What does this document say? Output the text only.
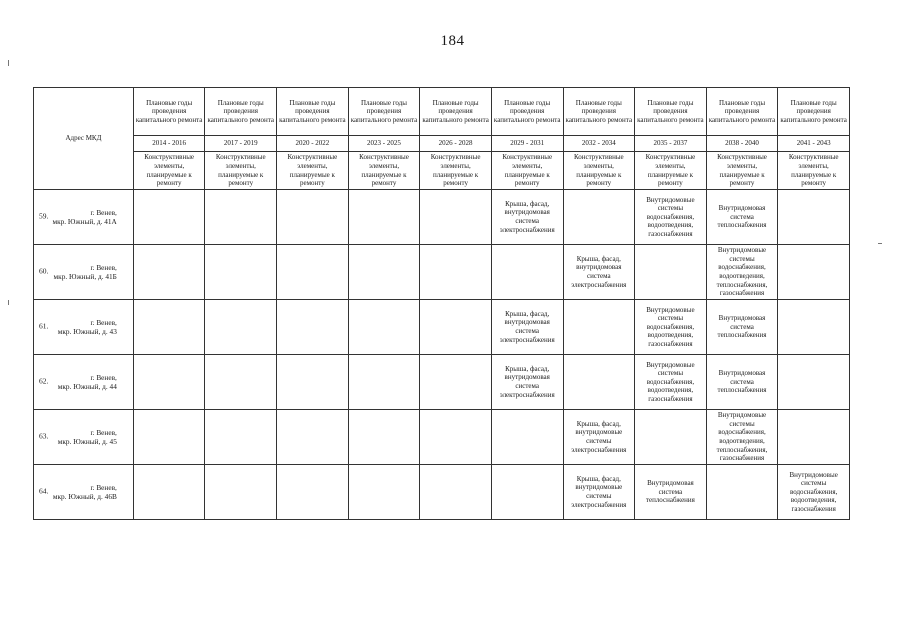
184
Адрес МКД	Плановые годы проведения капитального ремонта	Плановые годы проведения капитального ремонта	Плановые годы проведения капитального ремонта	Плановые годы проведения капитального ремонта	Плановые годы проведения капитального ремонта	Плановые годы проведения капитального ремонта	Плановые годы проведения капитального ремонта	Плановые годы проведения капитального ремонта	Плановые годы проведения капитального ремонта	Плановые годы проведения капитального ремонта
	2014 - 2016	2017 - 2019	2020 - 2022	2023 - 2025	2026 - 2028	2029 - 2031	2032 - 2034	2035 - 2037	2038 - 2040	2041 - 2043
	Конструктивные элементы, планируемые к ремонту	Конструктивные элементы, планируемые к ремонту	Конструктивные элементы, планируемые к ремонту	Конструктивные элементы, планируемые к ремонту	Конструктивные элементы, планируемые к ремонту	Конструктивные элементы, планируемые к ремонту	Конструктивные элементы, планируемые к ремонту	Конструктивные элементы, планируемые к ремонту	Конструктивные элементы, планируемые к ремонту	Конструктивные элементы, планируемые к ремонту

59. г. Венев,
мкр. Южный, д. 41А						Крыша, фасад, внутридомовая система электроснабжения		Внутридомовые системы водоснабжения, водоотведения, газоснабжения	Внутридомовая система теплоснабжения	

60. г. Венев,
мкр. Южный, д. 41Б							Крыша, фасад, внутридомовая система электроснабжения		Внутридомовые системы водоснабжения, водоотведения, теплоснабжения, газоснабжения	

61. г. Венев,
мкр. Южный, д. 43						Крыша, фасад, внутридомовая система электроснабжения		Внутридомовые системы водоснабжения, водоотведения, газоснабжения	Внутридомовая система теплоснабжения	

62. г. Венев,
мкр. Южный, д. 44						Крыша, фасад, внутридомовая система электроснабжения		Внутридомовые системы водоснабжения, водоотведения, газоснабжения	Внутридомовая система теплоснабжения	

63. г. Венев,
мкр. Южный, д. 45							Крыша, фасад, внутридомовые системы электроснабжения		Внутридомовые системы водоснабжения, водоотведения, теплоснабжения, газоснабжения	

64. г. Венев,
мкр. Южный, д. 46В							Крыша, фасад, внутридомовые системы электроснабжения	Внутридомовая система теплоснабжения		Внутридомовые системы водоснабжения, водоотведения, газоснабжения
